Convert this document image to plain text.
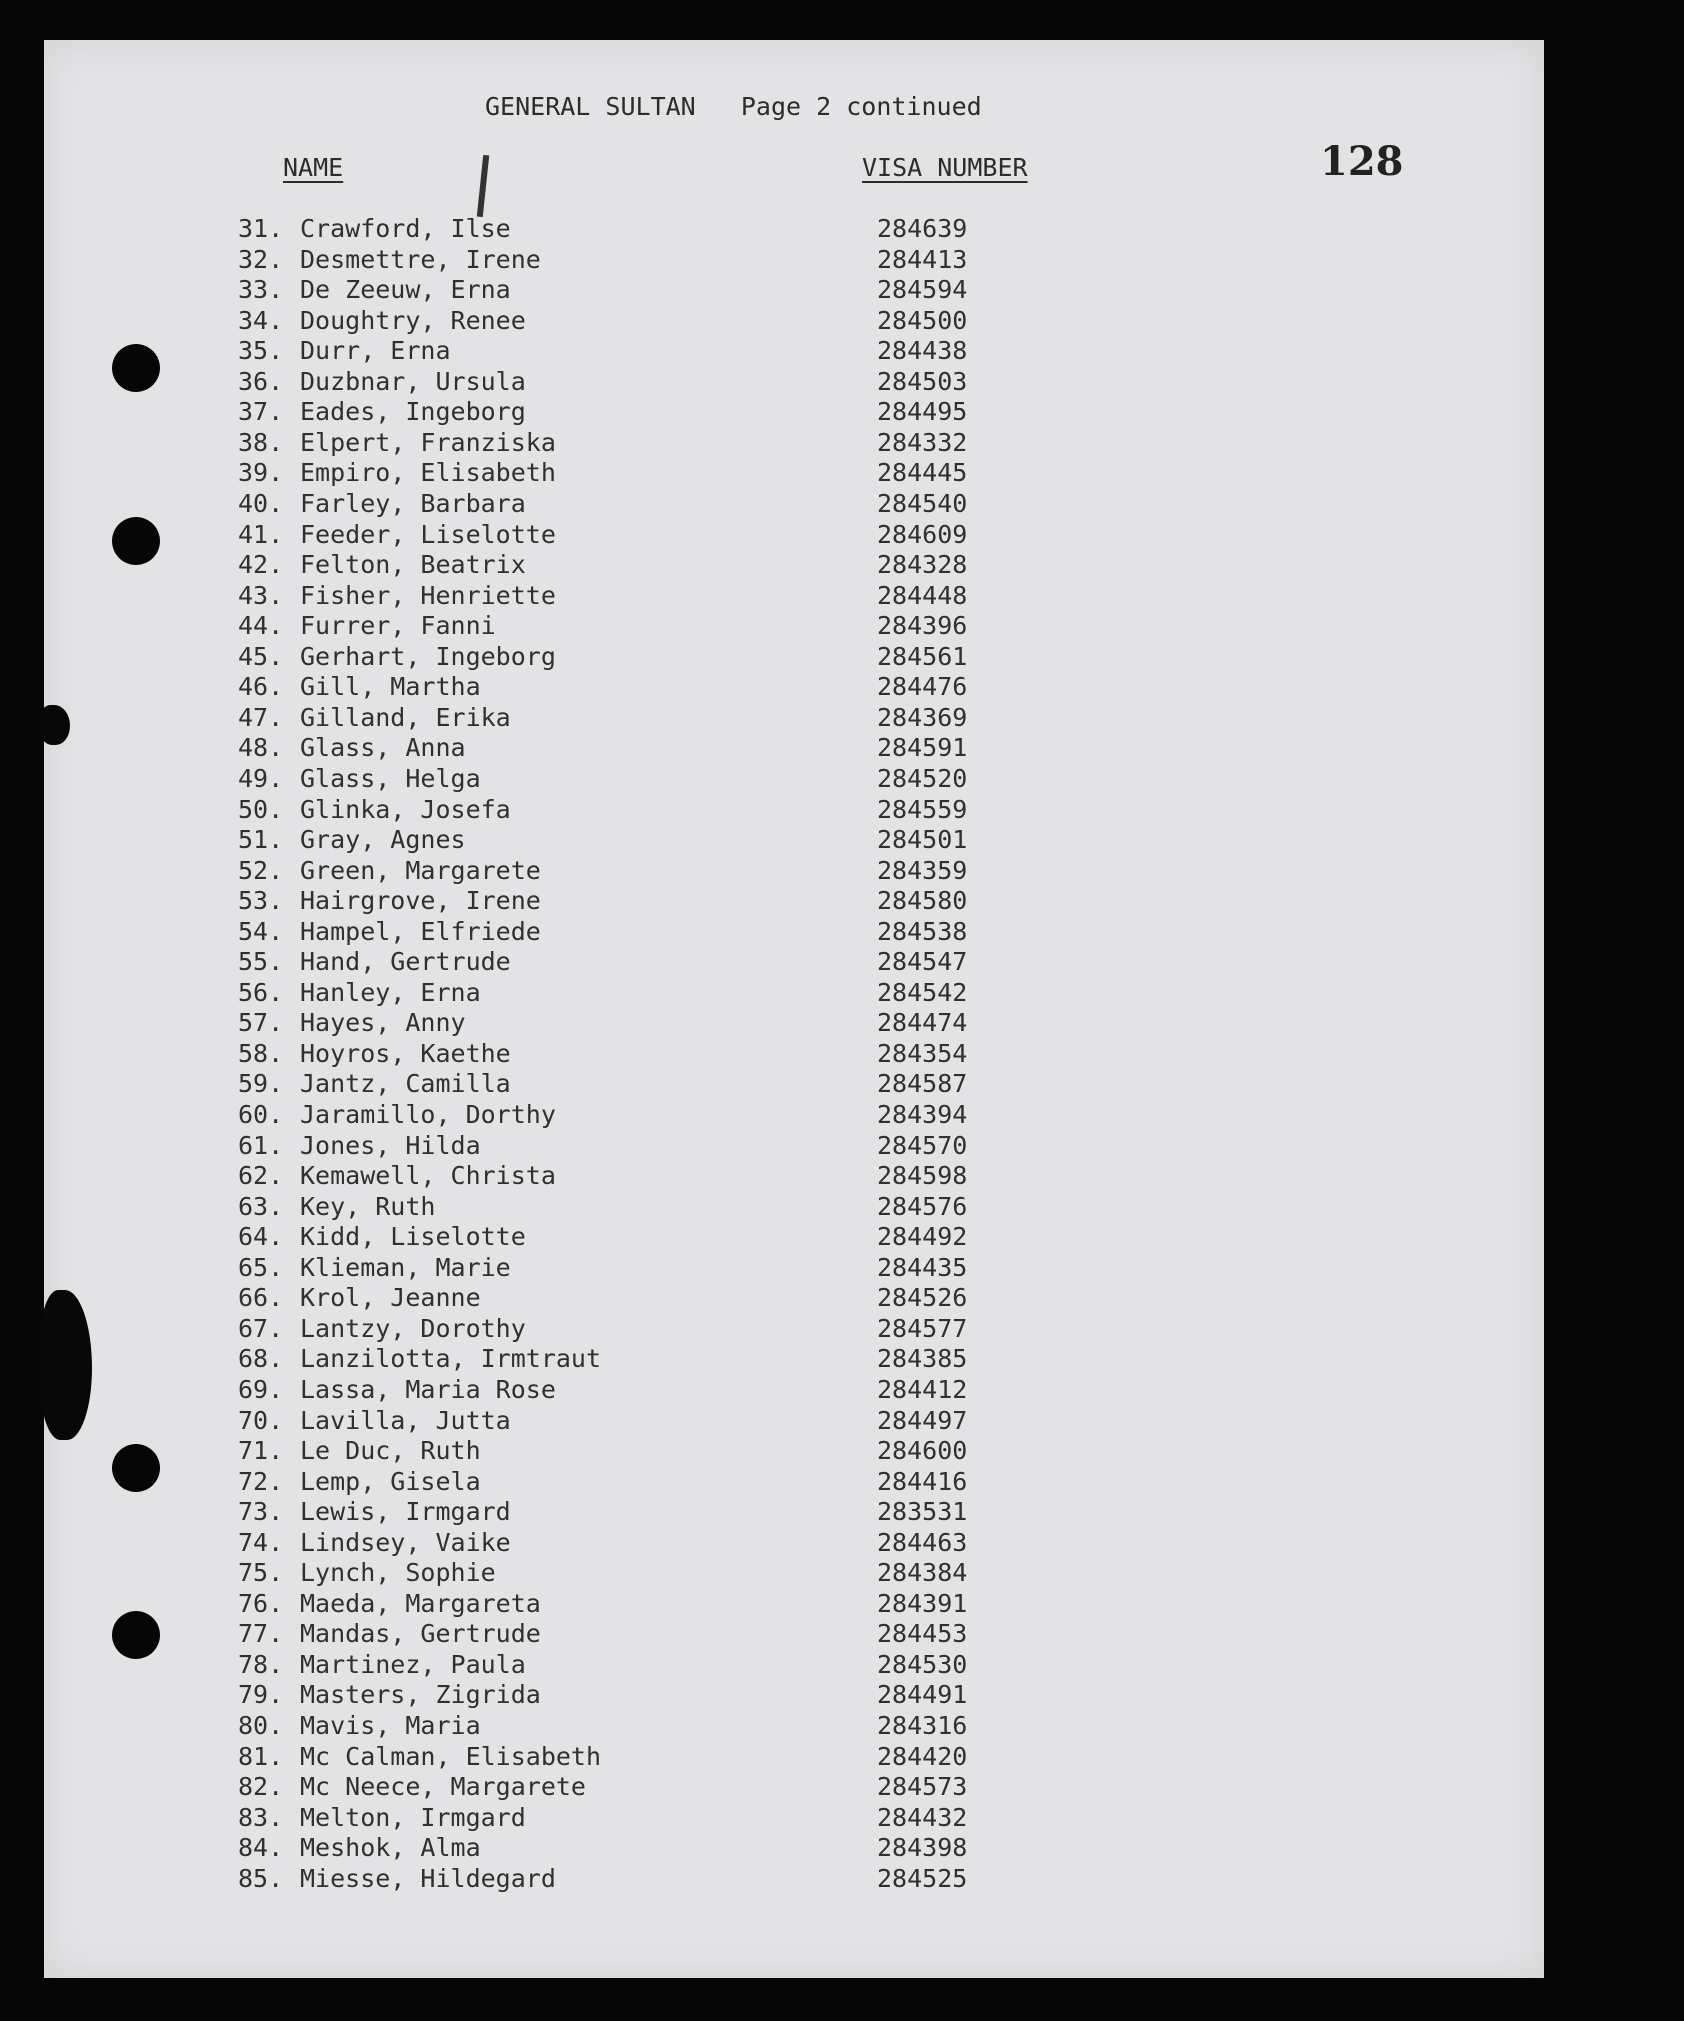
GENERAL SULTAN   Page 2 continued
NAME	VISA NUMBER	128
31. Crawford, Ilse	284639
32. Desmettre, Irene	284413
33. De Zeeuw, Erna	284594
34. Doughtry, Renee	284500
35. Durr, Erna	284438
36. Duzbnar, Ursula	284503
37. Eades, Ingeborg	284495
38. Elpert, Franziska	284332
39. Empiro, Elisabeth	284445
40. Farley, Barbara	284540
41. Feeder, Liselotte	284609
42. Felton, Beatrix	284328
43. Fisher, Henriette	284448
44. Furrer, Fanni	284396
45. Gerhart, Ingeborg	284561
46. Gill, Martha	284476
47. Gilland, Erika	284369
48. Glass, Anna	284591
49. Glass, Helga	284520
50. Glinka, Josefa	284559
51. Gray, Agnes	284501
52. Green, Margarete	284359
53. Hairgrove, Irene	284580
54. Hampel, Elfriede	284538
55. Hand, Gertrude	284547
56. Hanley, Erna	284542
57. Hayes, Anny	284474
58. Hoyros, Kaethe	284354
59. Jantz, Camilla	284587
60. Jaramillo, Dorthy	284394
61. Jones, Hilda	284570
62. Kemawell, Christa	284598
63. Key, Ruth	284576
64. Kidd, Liselotte	284492
65. Klieman, Marie	284435
66. Krol, Jeanne	284526
67. Lantzy, Dorothy	284577
68. Lanzilotta, Irmtraut	284385
69. Lassa, Maria Rose	284412
70. Lavilla, Jutta	284497
71. Le Duc, Ruth	284600
72. Lemp, Gisela	284416
73. Lewis, Irmgard	283531
74. Lindsey, Vaike	284463
75. Lynch, Sophie	284384
76. Maeda, Margareta	284391
77. Mandas, Gertrude	284453
78. Martinez, Paula	284530
79. Masters, Zigrida	284491
80. Mavis, Maria	284316
81. Mc Calman, Elisabeth	284420
82. Mc Neece, Margarete	284573
83. Melton, Irmgard	284432
84. Meshok, Alma	284398
85. Miesse, Hildegard	284525
